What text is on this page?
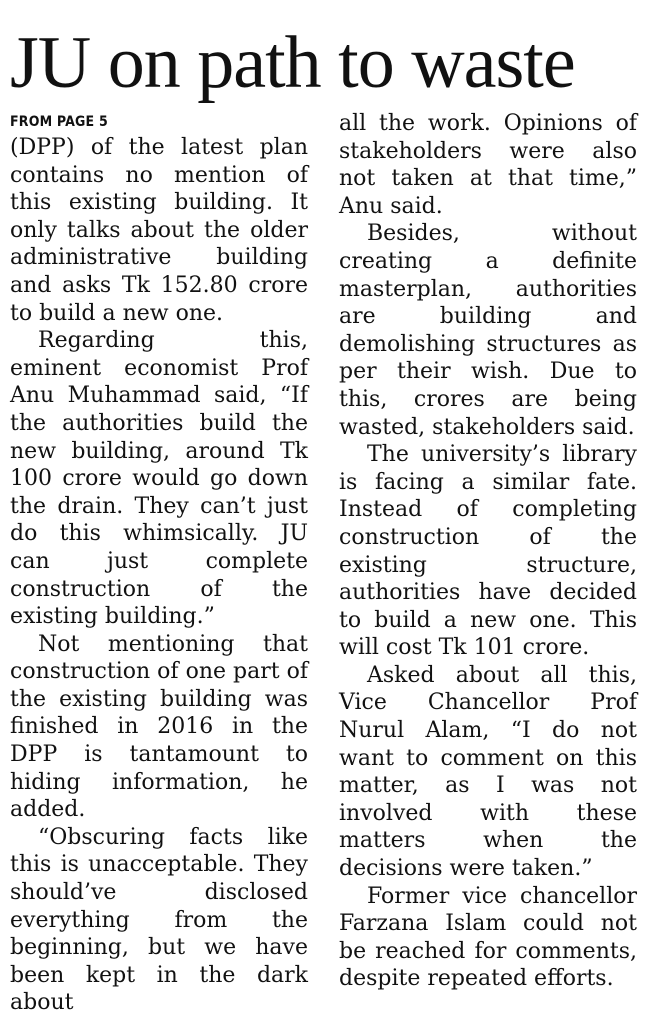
JU on path to waste
FROM PAGE 5

(DPP) of the latest plan contains no mention of this existing building. It only talks about the older administrative building and asks Tk 152.80 crore to build a new one.

Regarding this, eminent economist Prof Anu Muhammad said, “If the authorities build the new building, around Tk 100 crore would go down the drain. They can’t just do this whimsically. JU can just complete construction of the existing building.”

Not mentioning that construction of one part of the existing building was finished in 2016 in the DPP is tantamount to hiding information, he added.

“Obscuring facts like this is unacceptable. They should’ve disclosed everything from the beginning, but we have been kept in the dark about

all the work. Opinions of stakeholders were also not taken at that time,” Anu said.

Besides, without creating a definite masterplan, authorities are building and demolishing structures as per their wish. Due to this, crores are being wasted, stakeholders said.

The university’s library is facing a similar fate. Instead of completing construction of the existing structure, authorities have decided to build a new one. This will cost Tk 101 crore.

Asked about all this, Vice Chancellor Prof Nurul Alam, “I do not want to comment on this matter, as I was not involved with these matters when the decisions were taken.”

Former vice chancellor Farzana Islam could not be reached for comments, despite repeated efforts.
